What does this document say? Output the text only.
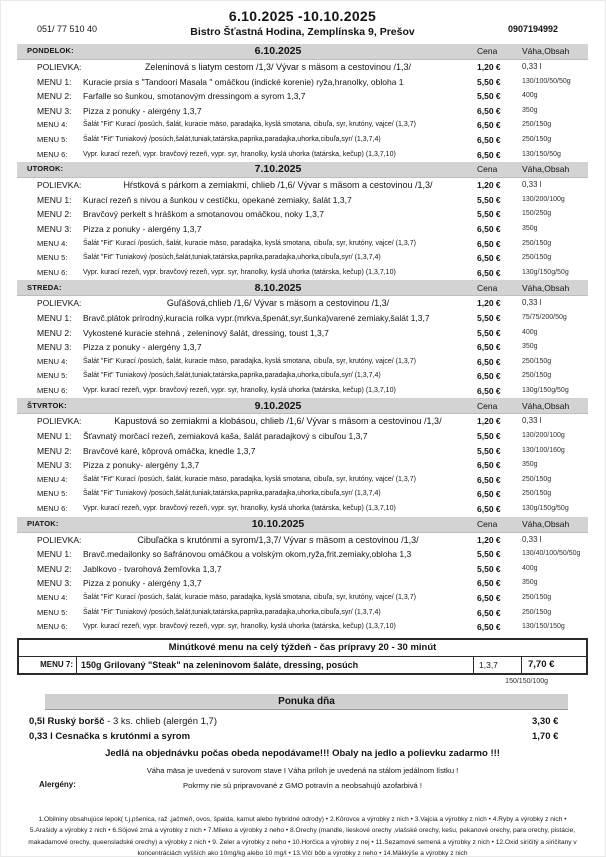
6.10.2025 -10.10.2025
Bistro Šťastná Hodina, Zemplínska 9, Prešov
051/ 77 510 40	0907194992
PONDELOK:	6.10.2025	Cena	Váha,Obsah
POLIEVKA:	Zeleninová s liatym cestom /1,3/ Vývar s mäsom a cestovinou /1,3/	1,20 €	0,33 l
MENU 1:	Kuracie prsia s "Tandoori Masala " omáčkou (indické korenie) ryža,hranolky, obloha 1	5,50 €	130/100/50/50g
MENU 2:	Farfalle so šunkou, smotanovým dressingom a syrom 1,3,7	5,50 €	400g
MENU 3:	Pizza z ponuky - alergény 1,3,7	6,50 €	350g
MENU 4:	Šalát "Fit" Kurací /posúch, šalát, kuracie mäso, paradajka, kyslá smotana, cibuľa, syr, krutóny, vajce/ (1,3,7)	6,50 €	250/150g
MENU 5:	Šalát "Fit" Tuniakový /posúch,šalát,tuniak,tatárska,paprika,paradajka,uhorka,cibuľa,syr/ (1,3,7,4)	6,50 €	250/150g
MENU 6:	Vypr. kurací rezeň, vypr. bravčový rezeň, vypr. syr, hranolky, kyslá uhorka (tatárska, kečup) (1,3,7,10)	6,50 €	130/150/50g
UTOROK:	7.10.2025	Cena	Váha,Obsah
POLIEVKA:	Hŕstková s párkom a zemiakmi, chlieb /1,6/ Vývar s mäsom a cestovinou /1,3/	1,20 €	0,33 l
MENU 1:	Kurací rezeň s nivou a šunkou v cestíčku, opekané zemiaky, šalát 1,3,7	5,50 €	130/200/100g
MENU 2:	Bravčový perkelt s hráškom a smotanovou omáčkou, noky 1,3,7	5,50 €	150/250g
MENU 3:	Pizza z ponuky - alergény 1,3,7	6,50 €	350g
MENU 4:	Šalát "Fit" Kurací /posúch, šalát, kuracie mäso, paradajka, kyslá smotana, cibuľa, syr, krutóny, vajce/ (1,3,7)	6,50 €	250/150g
MENU 5:	Šalát "Fit" Tuniakový /posúch,šalát,tuniak,tatárska,paprika,paradajka,uhorka,cibuľa,syr/ (1,3,7,4)	6,50 €	250/150g
MENU 6:	Vypr. kurací rezeň, vypr. bravčový rezeň, vypr. syr, hranolky, kyslá uhorka (tatárska, kečup) (1,3,7,10)	6,50 €	130g/150g/50g
STREDA:	8.10.2025	Cena	Váha,Obsah
POLIEVKA:	Guľášová,chlieb /1,6/ Výv​ar s mäsom a cestovinou /1,3/	1,20 €	0,33 l
MENU 1:	Bravč.plátok prírodný,kuracia rolka vypr.(mrkva,špenát,syr,šunka)varené zemiaky,šalát 1,3,7	5,50 €	75/75/200/50g
MENU 2:	Vykostené kuracie stehná , zeleninový šalát, dressing, toust 1,3,7	5,50 €	400g
MENU 3:	Pizza z ponuky - alergény 1,3,7	6,50 €	350g
MENU 4:	Šalát "Fit" Kurací /posúch, šalát, kuracie mäso, paradajka, kyslá smotana, cibuľa, syr, krutóny, vajce/ (1,3,7)	6,50 €	250/150g
MENU 5:	Šalát "Fit" Tuniakový /posúch,šalát,tuniak,tatárska,paprika,paradajka,uhorka,cibuľa,syr/ (1,3,7,4)	6,50 €	250/150g
MENU 6:	Vypr. kurací rezeň, vypr. bravčový rezeň, vypr. syr, hranolky, kyslá uhorka (tatárska, kečup) (1,3,7,10)	6,50 €	130g/150g/50g
ŠTVRTOK:	9.10.2025	Cena	Váha,Obsah
POLIEVKA:	Kapustová so zemiakmi a klobásou, chlieb /1,6/ Vývar s mäsom a cestovinou /1,3/	1,20 €	0,33 l
MENU 1:	Šťavnatý morčací rezeň, zemiaková kaša, šalát paradajkový s cibuľou 1,3,7	5,50 €	130/200/100g
MENU 2:	Bravčové karé, kôprová omáčka, knedle 1,3,7	5,50 €	130/100/160g
MENU 3:	Pizza z ponuky- alergény 1,3,7	6,50 €	350g
MENU 4:	Šalát "Fit" Kurací /posúch, šalát, kuracie mäso, paradajka, kyslá smotana, cibuľa, syr, krutóny, vajce/ (1,3,7)	6,50 €	250/150g
MENU 5:	Šalát "Fit" Tuniakový /posúch,šalát,tuniak,tatárska,paprika,paradajka,uhorka,cibuľa,syr/ (1,3,7,4)	6,50 €	250/150g
MENU 6:	Vypr. kurací rezeň, vypr. bravčový rezeň, vypr. syr, hranolky, kyslá uhorka (tatárska, kečup) (1,3,7,10)	6,50 €	130g/150g/50g
PIATOK:	10.10.2025	Cena	Váha,Obsah
POLIEVKA:	Cibuľačka s krutónmi a syrom/1,3,7/ Vývar s mäsom a cestovinou /1,3/	1,20 €	0,33 l
MENU 1:	Bravč.medailonky so šafránovou omáčkou a volským okom,ryža,frit.zemiaky,obloha 1,3	5,50 €	130/40/100/50/50g
MENU 2:	Jablkovo - tvarohová žemľovka 1,3,7	5,50 €	400g
MENU 3:	Pizza z ponuky - alergény 1,3,7	6,50 €	350g
MENU 4:	Šalát "Fit" Kurací /posúch, šalát, kuracie mäso, paradajka, kyslá smotana, cibuľa, syr, krutóny, vajce/ (1,3,7)	6,50 €	250/150g
MENU 5:	Šalát "Fit" Tuniakový /posúch,šalát,tuniak,tatárska,paprika,paradajka,uhorka,cibuľa,syr/ (1,3,7,4)	6,50 €	250/150g
MENU 6:	Vypr. kurací rezeň, vypr. bravčový rezeň, vypr. syr, hranolky, kyslá uhorka (tatárska, kečup) (1,3,7,10)	6,50 €	130/150/150g
Minútkové menu na celý týždeň - čas prípravy 20 - 30 minút
MENU 7: 150g Grilovaný "Steak" na zeleninovom šaláte, dressing, posúch	1,3,7	7,70 €
150/150/100g
Ponuka dňa
0,5l Ruský boršč - 3 ks. chlieb (alergén 1,7)	3,30 €
0,33 l Cesnačka s krutónmi a syrom	1,70 €
Jedlá na objednávku počas obeda nepodávame!!! Obaly na jedlo a polievku zadarmo !!!
Váha mäsa je uvedená v surovom stave I Váha príloh je uvedená na stálom jedálnom lístku !
Alergény:	Pokrmy nie sú pripravované z GMO potravín a neobsahujú azofarbivá !
1.Obilniny obsahujúce lepok( t.j.pšenica, raž ,jačmeň, ovos, špalda, kamut alebo hybridné odrody) • 2.Kôrovce a výrobky z nich • 3.Vajcia a výrobky z nich • 4.Ryby a výrobky z nich • 5.Arašidy a výrobky z nich • 6.Sójové zrná a výrobky z nich • 7.Mlieko a výrobky z neho • 8.Orechy (mandle, lieskové orechy ,vlašské orechy, kešu, pekanové orechy, para orechy, pistácie, makadamové orechy, queensladské orechy) a výrobky z nich • 9. Zeler a výrobky z neho • 10.Horčica a výrobky z nej • 11.Sezamové semená a výrobky z nich • 12.Oxid siričitý a siričitany v koncentráciách vyšších ako 10mg/kg alebo 10 mg/l • 13.Vlčí bôb a výrobky z neho • 14.Mäkkýše a výrobky z nich
